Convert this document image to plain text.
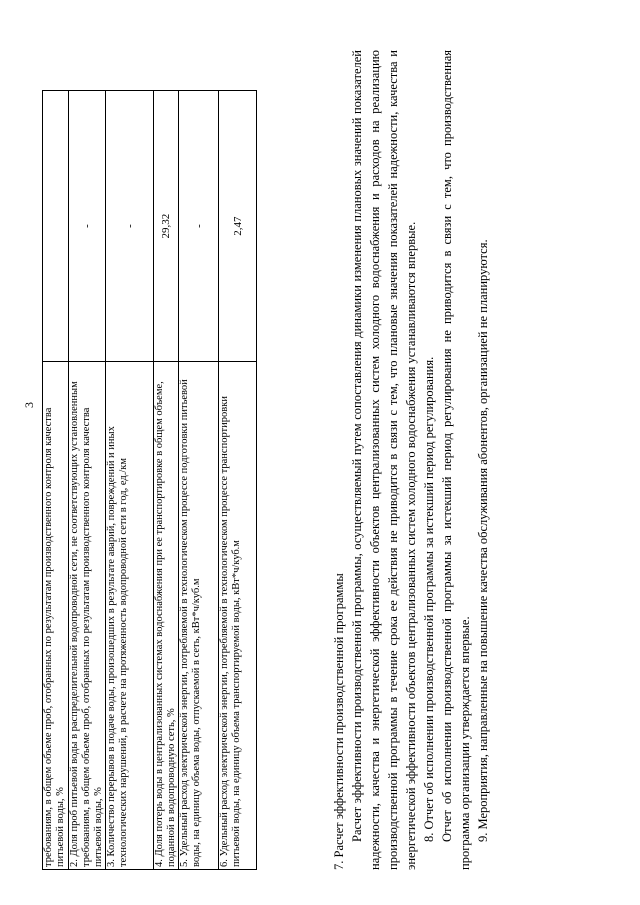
3
требованиям, в общем объеме проб, отобранных по результатам производственного контроля качества питьевой воды, %	
2. Доля проб питьевой воды в распределительной водопроводной сети, не соответствующих установленным требованиям, в общем объеме проб, отобранных по результатам производственного контроля качества питьевой воды, %	-
3. Количество перерывов в подаче воды, произошедших в результате аварий, повреждений и иных технологических нарушений, в расчете на протяженность водопроводной сети в год, ед./км	-
4. Доля потерь воды в централизованных системах водоснабжения при ее транспортировке в общем объеме, поданной в водопроводную сеть, %	29,32
5. Удельный расход электрической энергии, потребляемой в технологическом процессе подготовки питьевой воды, на единицу объема воды, отпускаемой в сеть, кВт*ч/куб.м	-
6. Удельный расход электрической энергии, потребляемой в технологическом процессе транспортировки питьевой воды, на единицу объема транспортируемой воды, кВт*ч/куб.м	2,47

7. Расчет эффективности производственной программы Расчет эффективности производственной программы, осуществляемый путем сопоставления динамики изменения плановых значений показателей надежности, качества и энергетической эффективности объектов централизованных систем холодного водоснабжения и расходов на реализацию производственной программы в течение срока ее действия не приводится в связи с тем, что плановые значения показателей надежности, качества и энергетической эффективности объектов централизованных систем холодного водоснабжения устанавливаются впервые. 8. Отчет об исполнении производственной программы за истекший период регулирования. Отчет об исполнении производственной программы за истекший период регулирования не приводится в связи с тем, что производственная программа организации утверждается впервые. 9. Мероприятия, направленные на повышение качества обслуживания абонентов, организацией не планируются.
